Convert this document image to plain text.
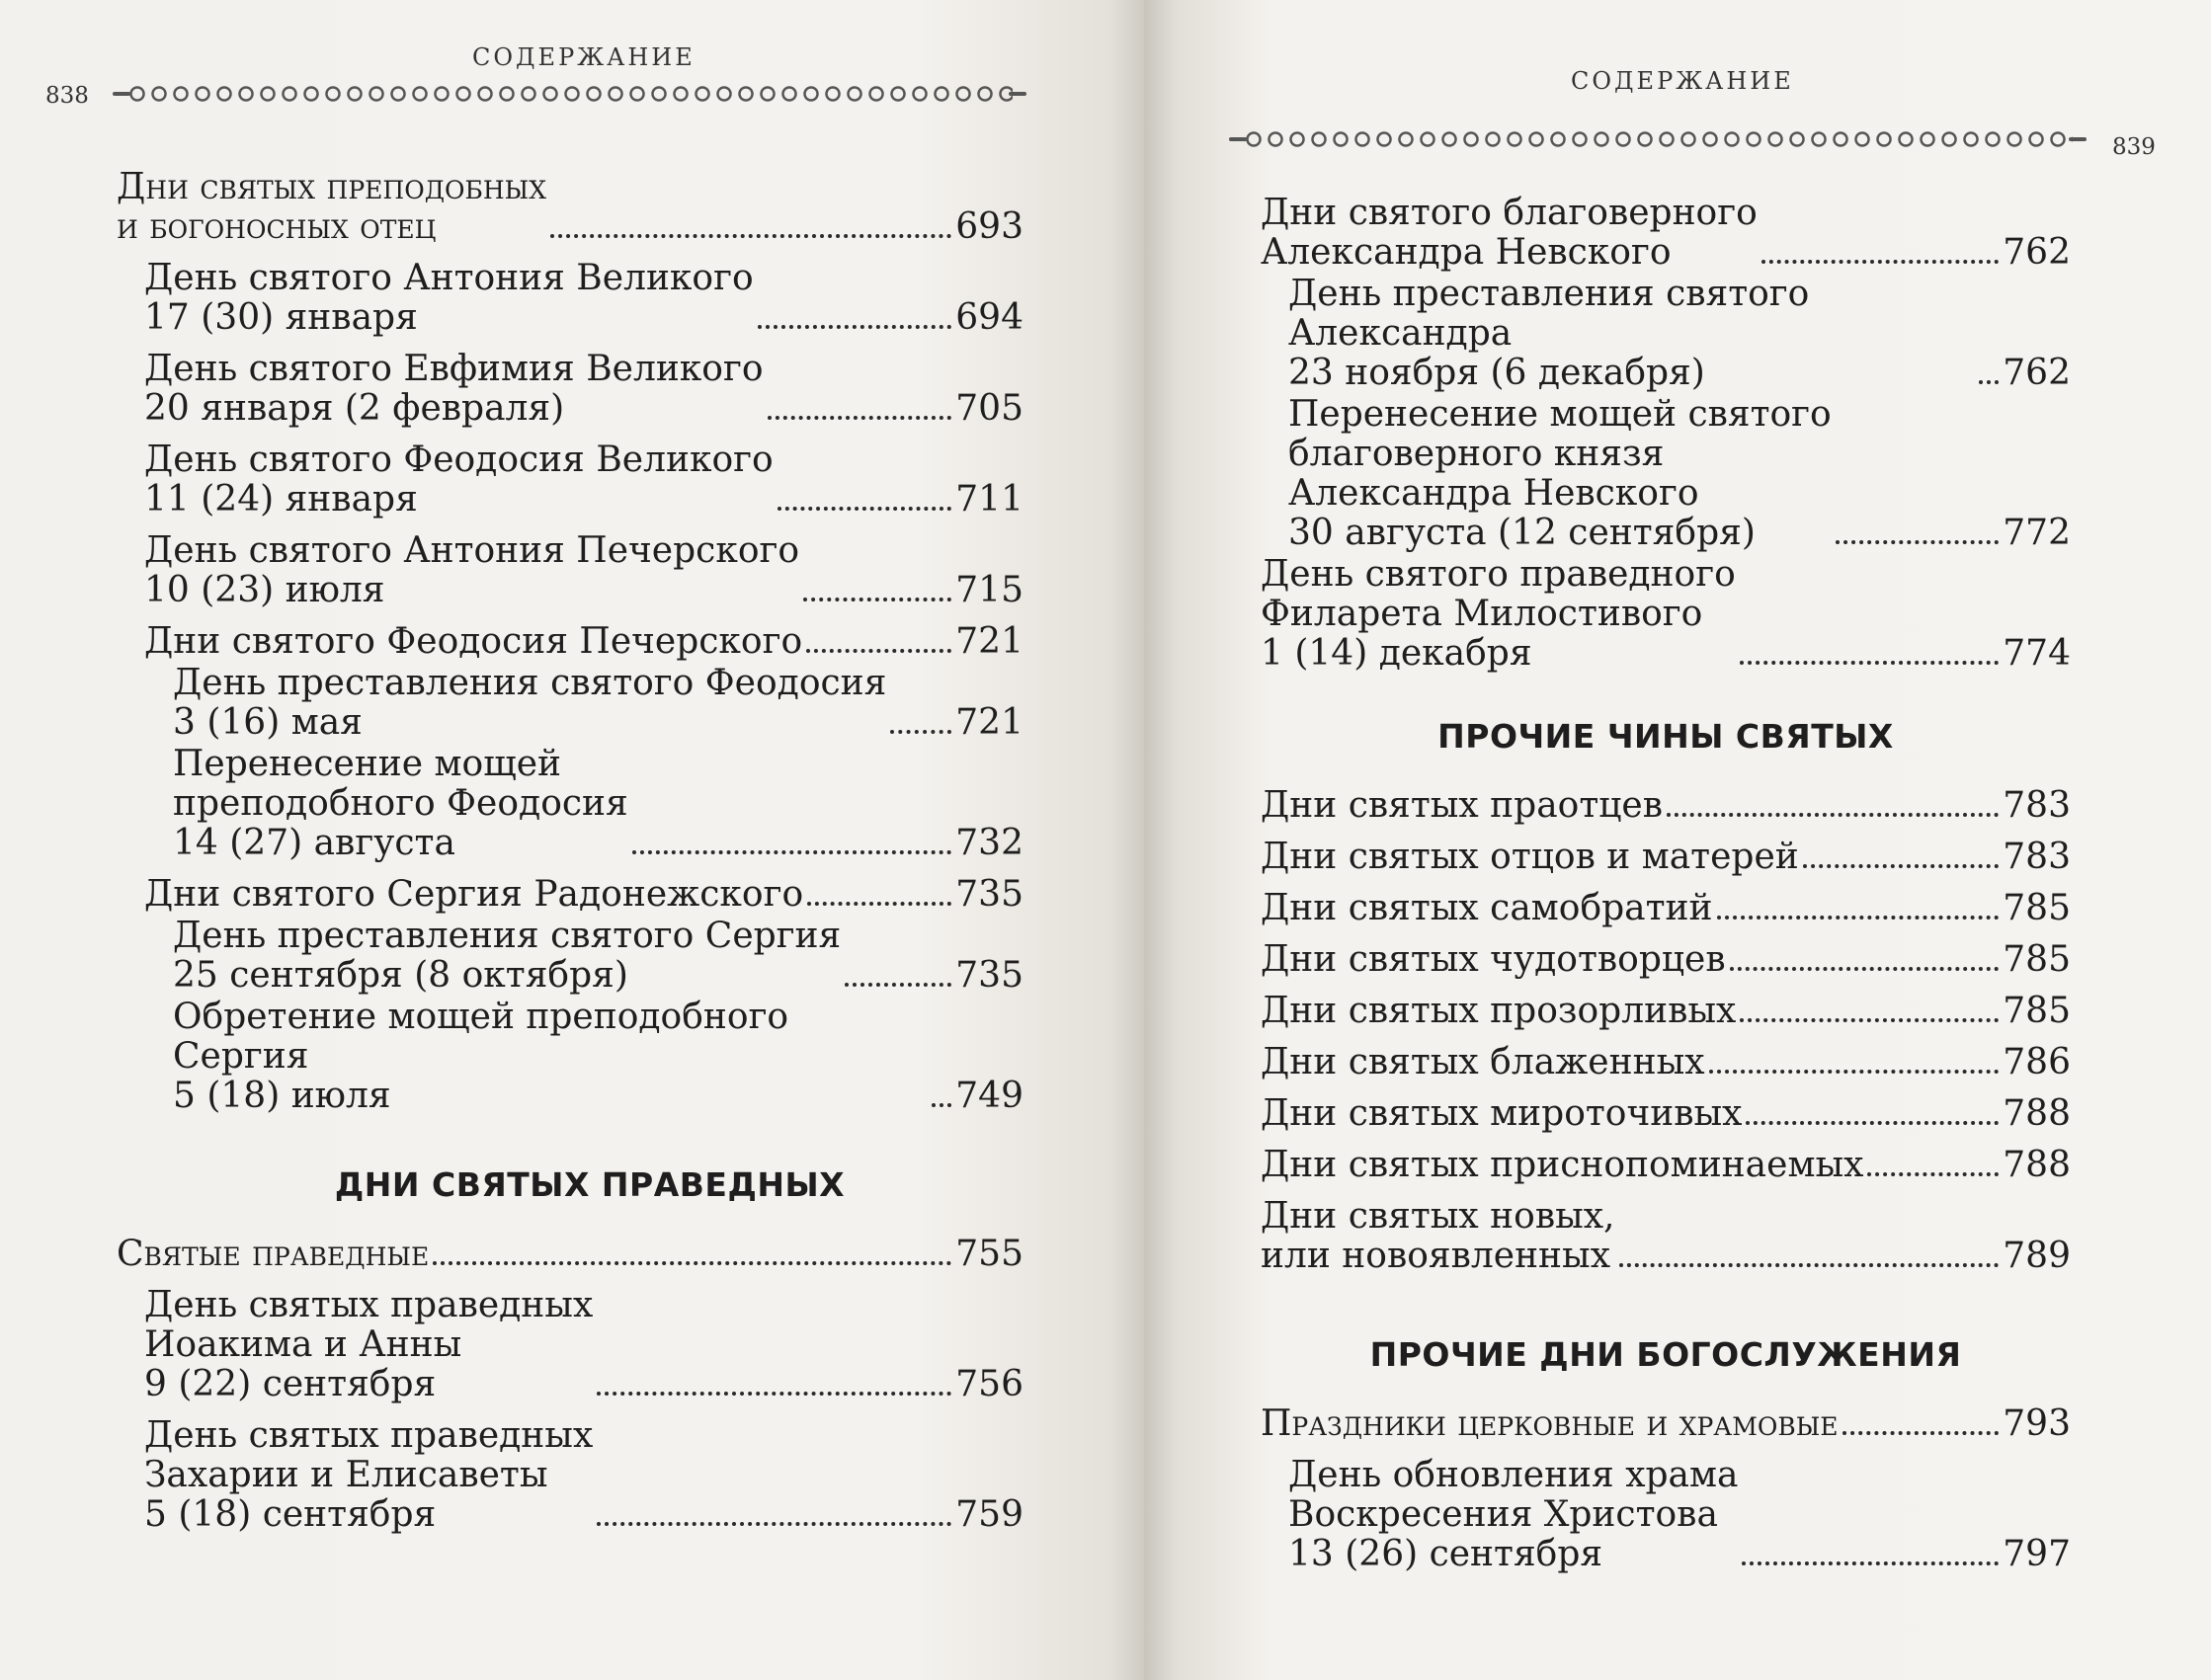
СОДЕРЖАНИЕ
838
Дни святых преподобных
и богоносных отец	693
День святого Антония Великого
17 (30) января	694
День святого Евфимия Великого
20 января (2 февраля)	705
День святого Феодосия Великого
11 (24) января	711
День святого Антония Печерского
10 (23) июля	715
Дни святого Феодосия Печерского	721
День преставления святого Феодосия
3 (16) мая	721
Перенесение мощей
преподобного Феодосия
14 (27) августа	732
Дни святого Сергия Радонежского	735
День преставления святого Сергия
25 сентября (8 октября)	735
Обретение мощей преподобного Сергия
5 (18) июля	749
ДНИ СВЯТЫХ ПРАВЕДНЫХ
Святые праведные	755
День святых праведных
Иоакима и Анны
9 (22) сентября	756
День святых праведных
Захарии и Елисаветы
5 (18) сентября	759
СОДЕРЖАНИЕ
839
Дни святого благоверного
Александра Невского	762
День преставления святого Александра
23 ноября (6 декабря)	762
Перенесение мощей святого
благоверного князя
Александра Невского
30 августа (12 сентября)	772
День святого праведного
Филарета Милостивого
1 (14) декабря	774
ПРОЧИЕ ЧИНЫ СВЯТЫХ
Дни святых праотцев	783
Дни святых отцов и матерей	783
Дни святых самобратий	785
Дни святых чудотворцев	785
Дни святых прозорливых	785
Дни святых блаженных	786
Дни святых мироточивых	788
Дни святых приснопоминаемых	788
Дни святых новых,
или новоявленных	789
ПРОЧИЕ ДНИ БОГОСЛУЖЕНИЯ
Праздники церковные и храмовые	793
День обновления храма
Воскресения Христова
13 (26) сентября	797
